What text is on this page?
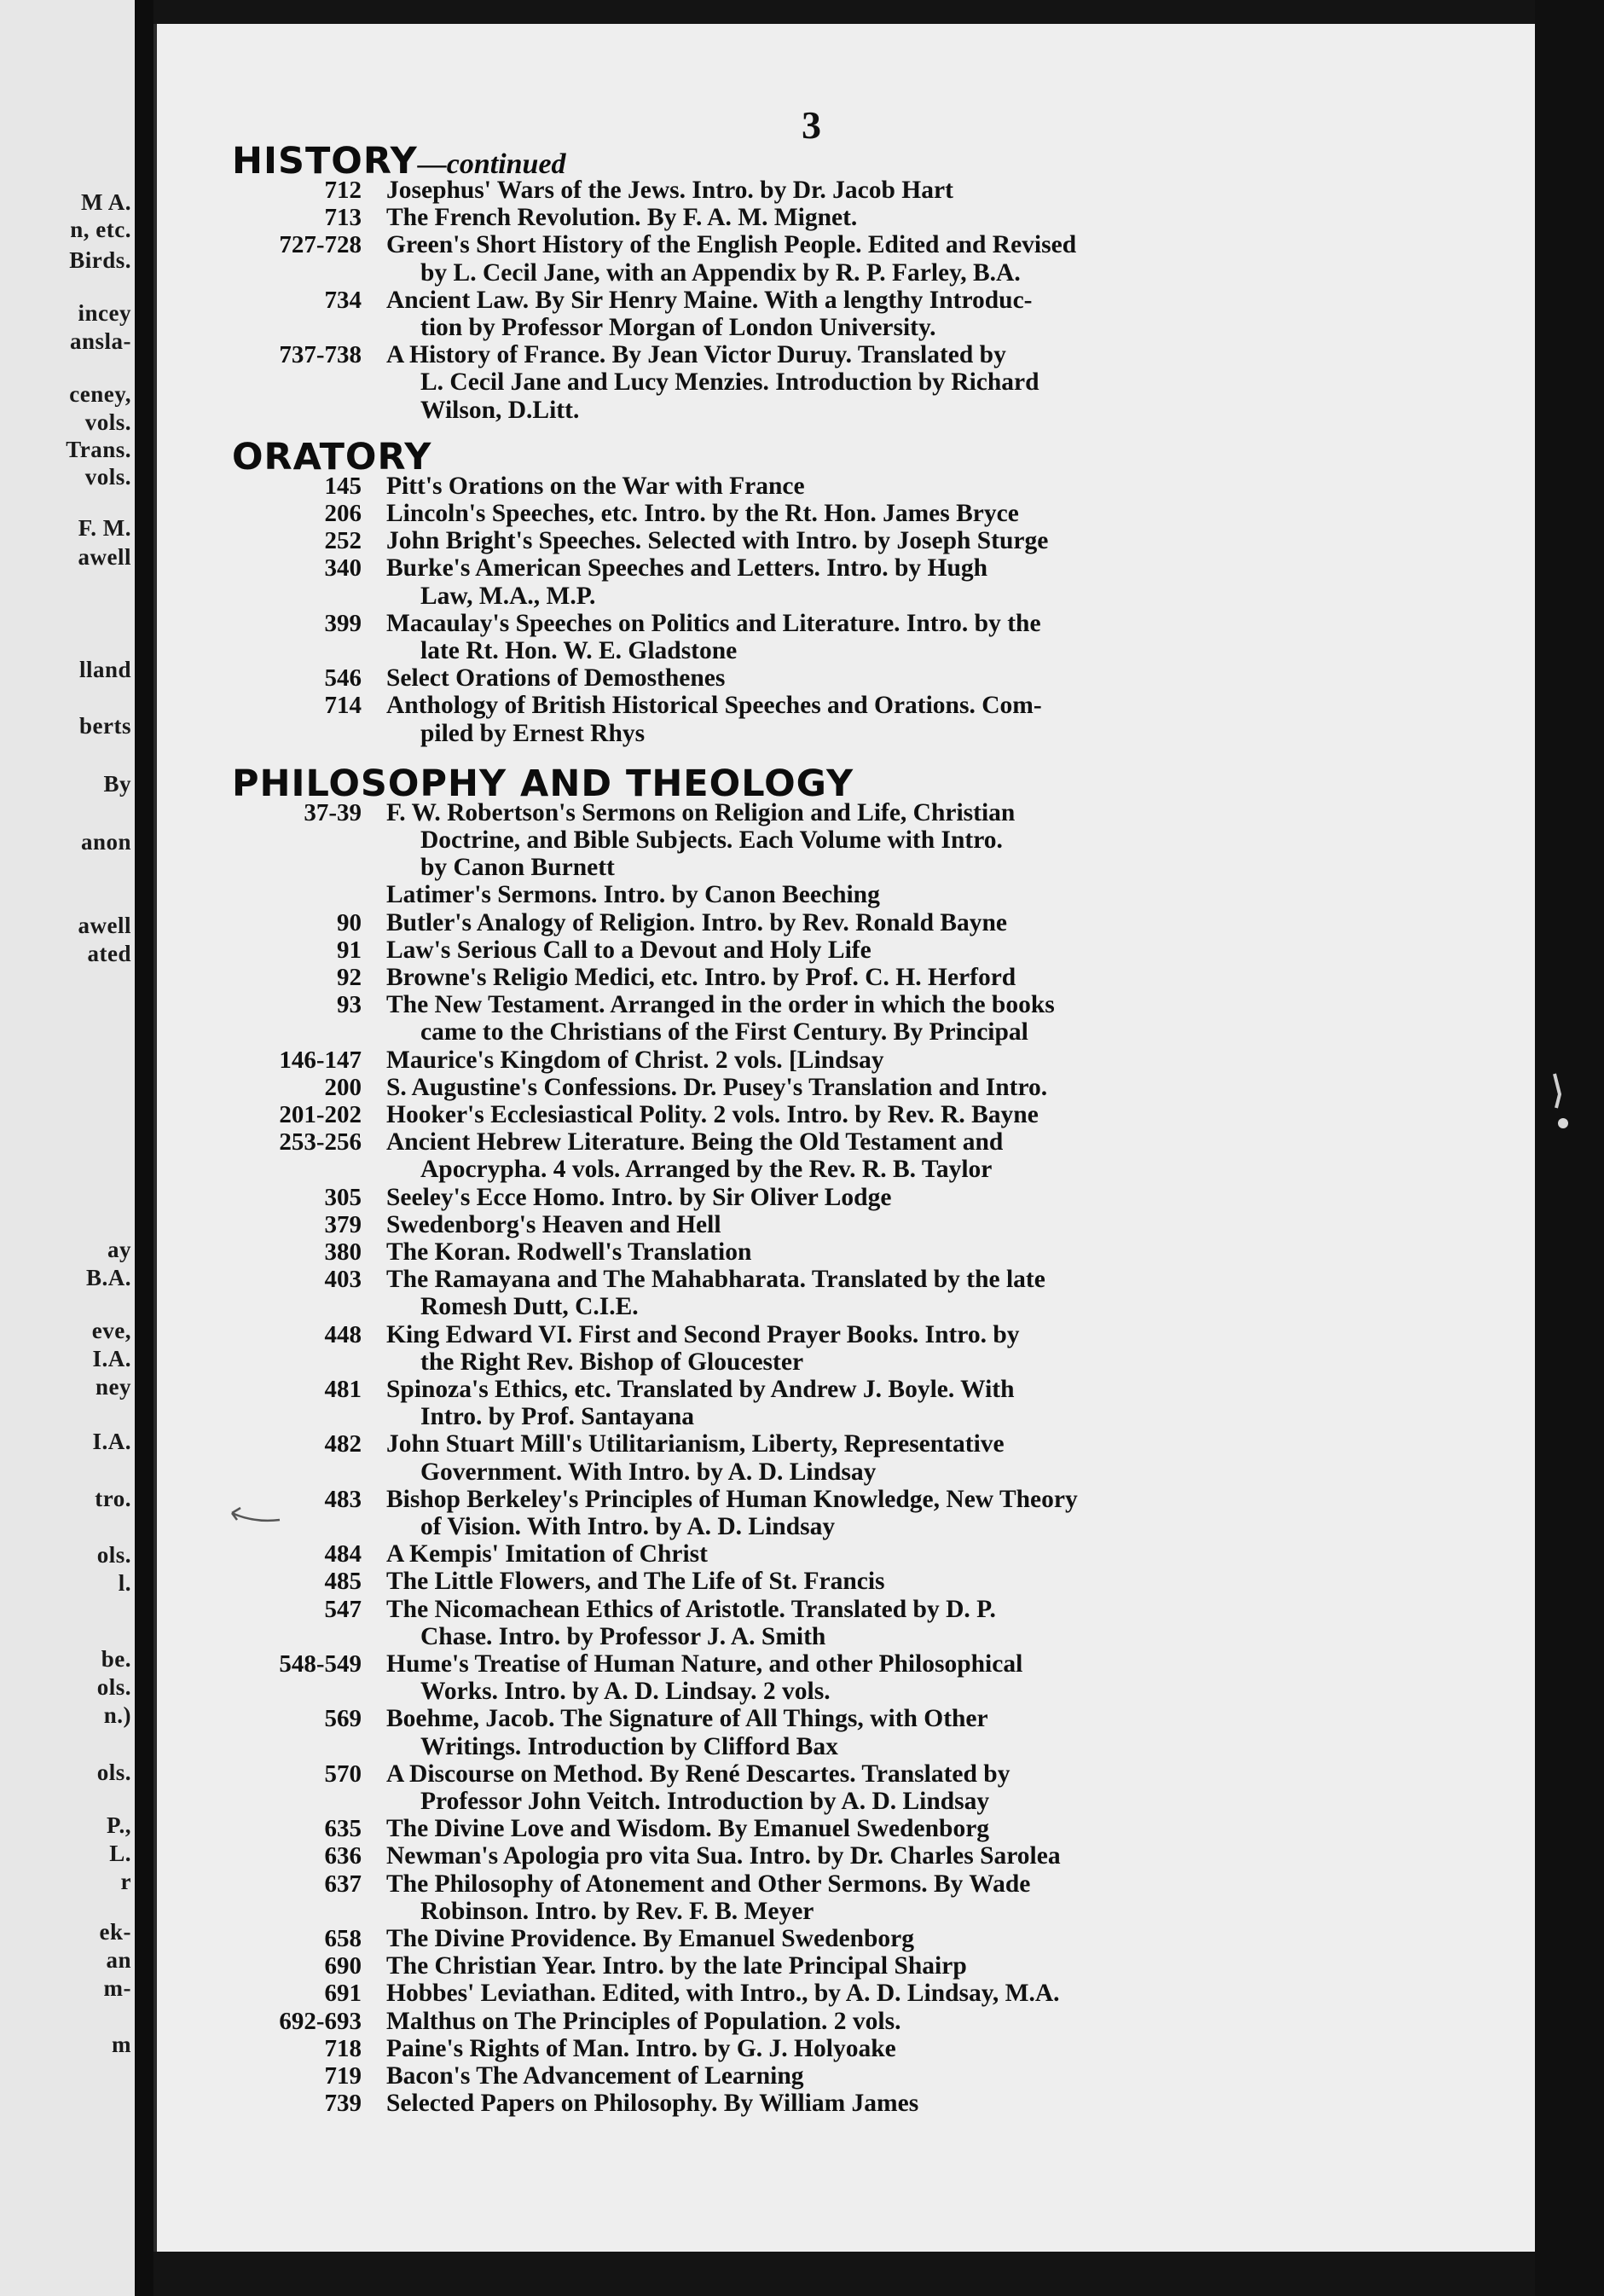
M A.
n, etc.
Birds.
incey
ansla-
ceney,
vols.
Trans.
vols.
F. M.
awell
lland
berts
By
anon
awell
ated
ay
B.A.
eve,
I.A.
ney
I.A.
tro.
ols.
l.
be.
ols.
n.)
ols.
P.,
L.
r
ek-
an
m-
m
3
HISTORY—continued
712 Josephus' Wars of the Jews. Intro. by Dr. Jacob Hart
713 The French Revolution. By F. A. M. Mignet.
727-728 Green's Short History of the English People. Edited and Revised
by L. Cecil Jane, with an Appendix by R. P. Farley, B.A.
734 Ancient Law. By Sir Henry Maine. With a lengthy Introduc-
tion by Professor Morgan of London University.
737-738 A History of France. By Jean Victor Duruy. Translated by
L. Cecil Jane and Lucy Menzies. Introduction by Richard
Wilson, D.Litt.
ORATORY
145 Pitt's Orations on the War with France
206 Lincoln's Speeches, etc. Intro. by the Rt. Hon. James Bryce
252 John Bright's Speeches. Selected with Intro. by Joseph Sturge
340 Burke's American Speeches and Letters. Intro. by Hugh
Law, M.A., M.P.
399 Macaulay's Speeches on Politics and Literature. Intro. by the
late Rt. Hon. W. E. Gladstone
546 Select Orations of Demosthenes
714 Anthology of British Historical Speeches and Orations. Com-
piled by Ernest Rhys
PHILOSOPHY AND THEOLOGY
37-39 F. W. Robertson's Sermons on Religion and Life, Christian
Doctrine, and Bible Subjects. Each Volume with Intro.
by Canon Burnett
Latimer's Sermons. Intro. by Canon Beeching
90 Butler's Analogy of Religion. Intro. by Rev. Ronald Bayne
91 Law's Serious Call to a Devout and Holy Life
92 Browne's Religio Medici, etc. Intro. by Prof. C. H. Herford
93 The New Testament. Arranged in the order in which the books
came to the Christians of the First Century. By Principal
146-147 Maurice's Kingdom of Christ. 2 vols. [Lindsay
200 S. Augustine's Confessions. Dr. Pusey's Translation and Intro.
201-202 Hooker's Ecclesiastical Polity. 2 vols. Intro. by Rev. R. Bayne
253-256 Ancient Hebrew Literature. Being the Old Testament and
Apocrypha. 4 vols. Arranged by the Rev. R. B. Taylor
305 Seeley's Ecce Homo. Intro. by Sir Oliver Lodge
379 Swedenborg's Heaven and Hell
380 The Koran. Rodwell's Translation
403 The Ramayana and The Mahabharata. Translated by the late
Romesh Dutt, C.I.E.
448 King Edward VI. First and Second Prayer Books. Intro. by
the Right Rev. Bishop of Gloucester
481 Spinoza's Ethics, etc. Translated by Andrew J. Boyle. With
Intro. by Prof. Santayana
482 John Stuart Mill's Utilitarianism, Liberty, Representative
Government. With Intro. by A. D. Lindsay
483 Bishop Berkeley's Principles of Human Knowledge, New Theory
of Vision. With Intro. by A. D. Lindsay
484 A Kempis' Imitation of Christ
485 The Little Flowers, and The Life of St. Francis
547 The Nicomachean Ethics of Aristotle. Translated by D. P.
Chase. Intro. by Professor J. A. Smith
548-549 Hume's Treatise of Human Nature, and other Philosophical
Works. Intro. by A. D. Lindsay. 2 vols.
569 Boehme, Jacob. The Signature of All Things, with Other
Writings. Introduction by Clifford Bax
570 A Discourse on Method. By René Descartes. Translated by
Professor John Veitch. Introduction by A. D. Lindsay
635 The Divine Love and Wisdom. By Emanuel Swedenborg
636 Newman's Apologia pro vita Sua. Intro. by Dr. Charles Sarolea
637 The Philosophy of Atonement and Other Sermons. By Wade
Robinson. Intro. by Rev. F. B. Meyer
658 The Divine Providence. By Emanuel Swedenborg
690 The Christian Year. Intro. by the late Principal Shairp
691 Hobbes' Leviathan. Edited, with Intro., by A. D. Lindsay, M.A.
692-693 Malthus on The Principles of Population. 2 vols.
718 Paine's Rights of Man. Intro. by G. J. Holyoake
719 Bacon's The Advancement of Learning
739 Selected Papers on Philosophy. By William James
